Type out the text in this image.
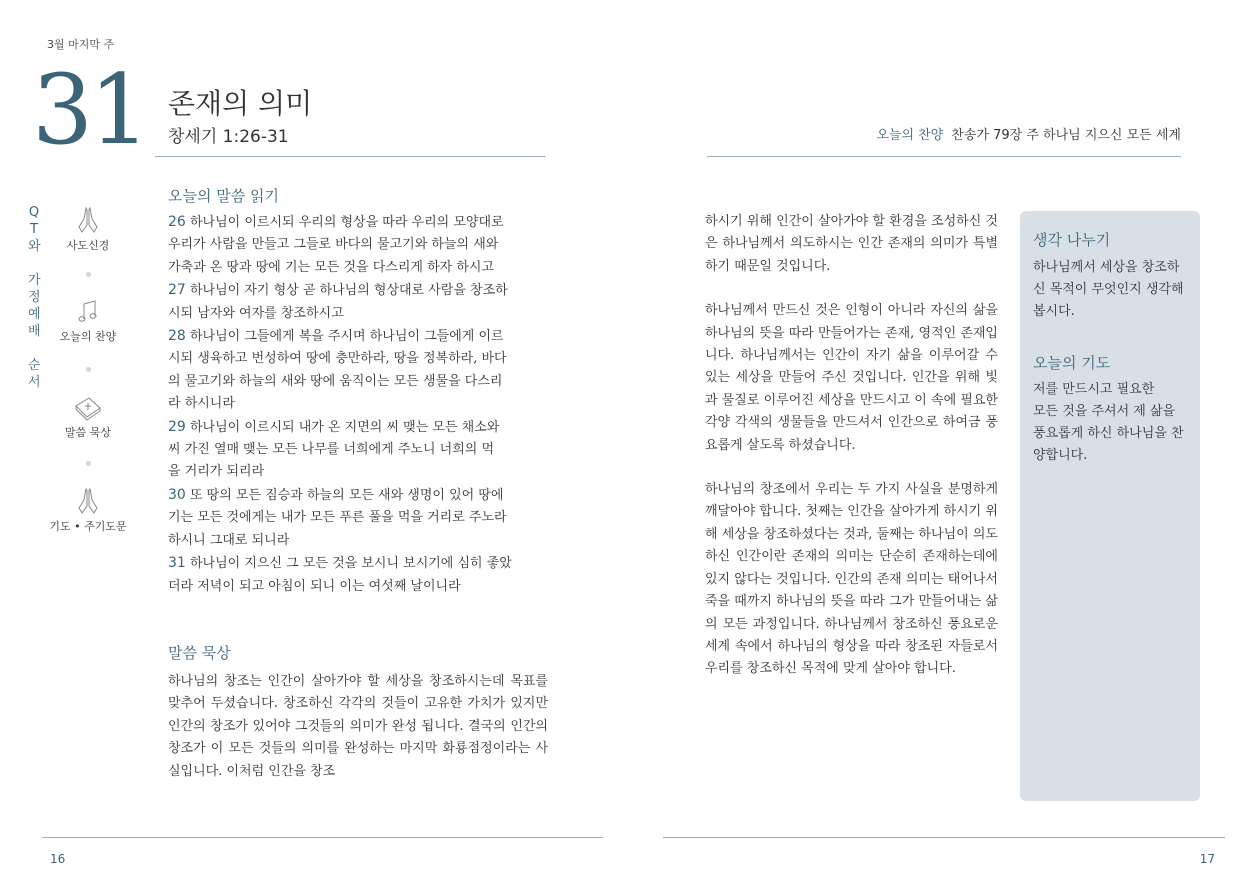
3월 마지막 주
31 존재의 의미
창세기 1:26-31	오늘의 찬양 찬송가 79장 주 하나님 지으신 모든 세계
Q
T
와
가
정
예
배
순
서
사도신경
오늘의 찬양
말씀 묵상
기도 • 주기도문
오늘의 말씀 읽기
26 하나님이 이르시되 우리의 형상을 따라 우리의 모양대로
우리가 사람을 만들고 그들로 바다의 물고기와 하늘의 새와
가축과 온 땅과 땅에 기는 모든 것을 다스리게 하자 하시고
27 하나님이 자기 형상 곧 하나님의 형상대로 사람을 창조하
시되 남자와 여자를 창조하시고
28 하나님이 그들에게 복을 주시며 하나님이 그들에게 이르
시되 생육하고 번성하여 땅에 충만하라, 땅을 정복하라, 바다
의 물고기와 하늘의 새와 땅에 움직이는 모든 생물을 다스리
라 하시니라
29 하나님이 이르시되 내가 온 지면의 씨 맺는 모든 채소와
씨 가진 열매 맺는 모든 나무를 너희에게 주노니 너희의 먹
을 거리가 되리라
30 또 땅의 모든 짐승과 하늘의 모든 새와 생명이 있어 땅에
기는 모든 것에게는 내가 모든 푸른 풀을 먹을 거리로 주노라
하시니 그대로 되니라
31 하나님이 지으신 그 모든 것을 보시니 보시기에 심히 좋았
더라 저녁이 되고 아침이 되니 이는 여섯째 날이니라
말씀 묵상
하나님의 창조는 인간이 살아가야 할 세상을 창조하시는데 목표를 맞추어 두셨습니다. 창조하신 각각의 것들이 고유한 가치가 있지만 인간의 창조가 있어야 그것들의 의미가 완성 됩니다. 결국의 인간의 창조가 이 모든 것들의 의미를 완성하는 마지막 화룡점정이라는 사실입니다. 이처럼 인간을 창조

하시기 위해 인간이 살아가야 할 환경을 조성하신 것은 하나님께서 의도하시는 인간 존재의 의미가 특별하기 때문일 것입니다.

하나님께서 만드신 것은 인형이 아니라 자신의 삶을 하나님의 뜻을 따라 만들어가는 존재, 영적인 존재입니다. 하나님께서는 인간이 자기 삶을 이루어갈 수 있는 세상을 만들어 주신 것입니다. 인간을 위해 빛과 물질로 이루어진 세상을 만드시고 이 속에 필요한 각양 각색의 생물들을 만드셔서 인간으로 하여금 풍요롭게 살도록 하셨습니다.

하나님의 창조에서 우리는 두 가지 사실을 분명하게 깨달아야 합니다. 첫째는 인간을 살아가게 하시기 위해 세상을 창조하셨다는 것과, 둘째는 하나님이 의도하신 인간이란 존재의 의미는 단순히 존재하는데에 있지 않다는 것입니다. 인간의 존재 의미는 태어나서 죽을 때까지 하나님의 뜻을 따라 그가 만들어내는 삶의 모든 과정입니다. 하나님께서 창조하신 풍요로운 세계 속에서 하나님의 형상을 따라 창조된 자들로서 우리를 창조하신 목적에 맞게 살아야 합니다.

생각 나누기
하나님께서 세상을 창조하
신 목적이 무엇인지 생각해
봅시다.
오늘의 기도
저를 만드시고 필요한
모든 것을 주셔서 제 삶을
풍요롭게 하신 하나님을 찬
양합니다.
16	17
